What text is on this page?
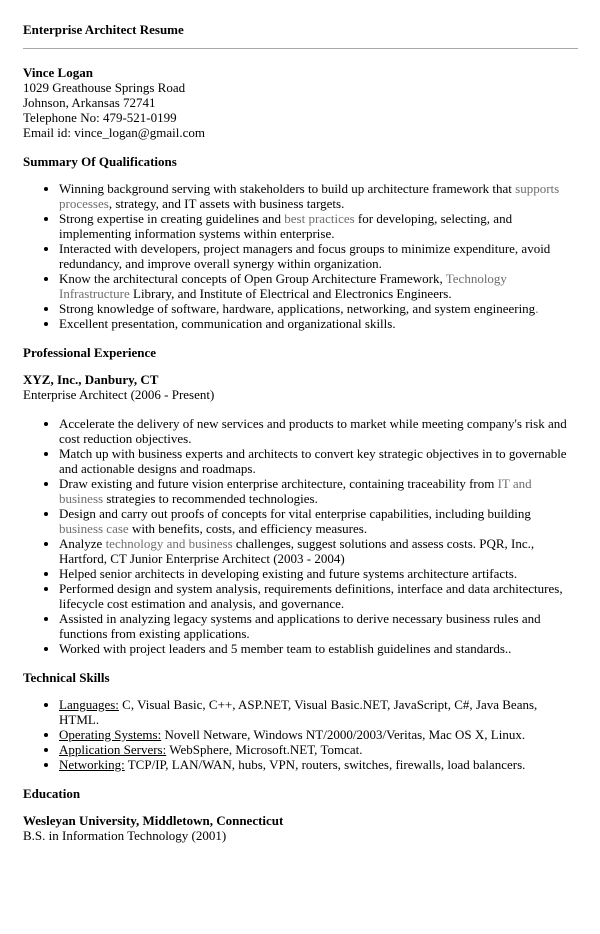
Enterprise Architect Resume
Vince Logan
1029 Greathouse Springs Road
Johnson, Arkansas 72741
Telephone No: 479-521-0199
Email id: vince_logan@gmail.com
Summary Of Qualifications
• Winning background serving with stakeholders to build up architecture framework that supports processes, strategy, and IT assets with business targets.
• Strong expertise in creating guidelines and best practices for developing, selecting, and implementing information systems within enterprise.
• Interacted with developers, project managers and focus groups to minimize expenditure, avoid redundancy, and improve overall synergy within organization.
• Know the architectural concepts of Open Group Architecture Framework, Technology Infrastructure Library, and Institute of Electrical and Electronics Engineers.
• Strong knowledge of software, hardware, applications, networking, and system engineering.
• Excellent presentation, communication and organizational skills.
Professional Experience
XYZ, Inc., Danbury, CT
Enterprise Architect (2006 - Present)
• Accelerate the delivery of new services and products to market while meeting company's risk and cost reduction objectives.
• Match up with business experts and architects to convert key strategic objectives in to governable and actionable designs and roadmaps.
• Draw existing and future vision enterprise architecture, containing traceability from IT and business strategies to recommended technologies.
• Design and carry out proofs of concepts for vital enterprise capabilities, including building business case with benefits, costs, and efficiency measures.
• Analyze technology and business challenges, suggest solutions and assess costs. PQR, Inc., Hartford, CT Junior Enterprise Architect (2003 - 2004)
• Helped senior architects in developing existing and future systems architecture artifacts.
• Performed design and system analysis, requirements definitions, interface and data architectures, lifecycle cost estimation and analysis, and governance.
• Assisted in analyzing legacy systems and applications to derive necessary business rules and functions from existing applications.
• Worked with project leaders and 5 member team to establish guidelines and standards..
Technical Skills
• Languages: C, Visual Basic, C++, ASP.NET, Visual Basic.NET, JavaScript, C#, Java Beans, HTML.
• Operating Systems: Novell Netware, Windows NT/2000/2003/Veritas, Mac OS X, Linux.
• Application Servers: WebSphere, Microsoft.NET, Tomcat.
• Networking: TCP/IP, LAN/WAN, hubs, VPN, routers, switches, firewalls, load balancers.
Education
Wesleyan University, Middletown, Connecticut
B.S. in Information Technology (2001)
